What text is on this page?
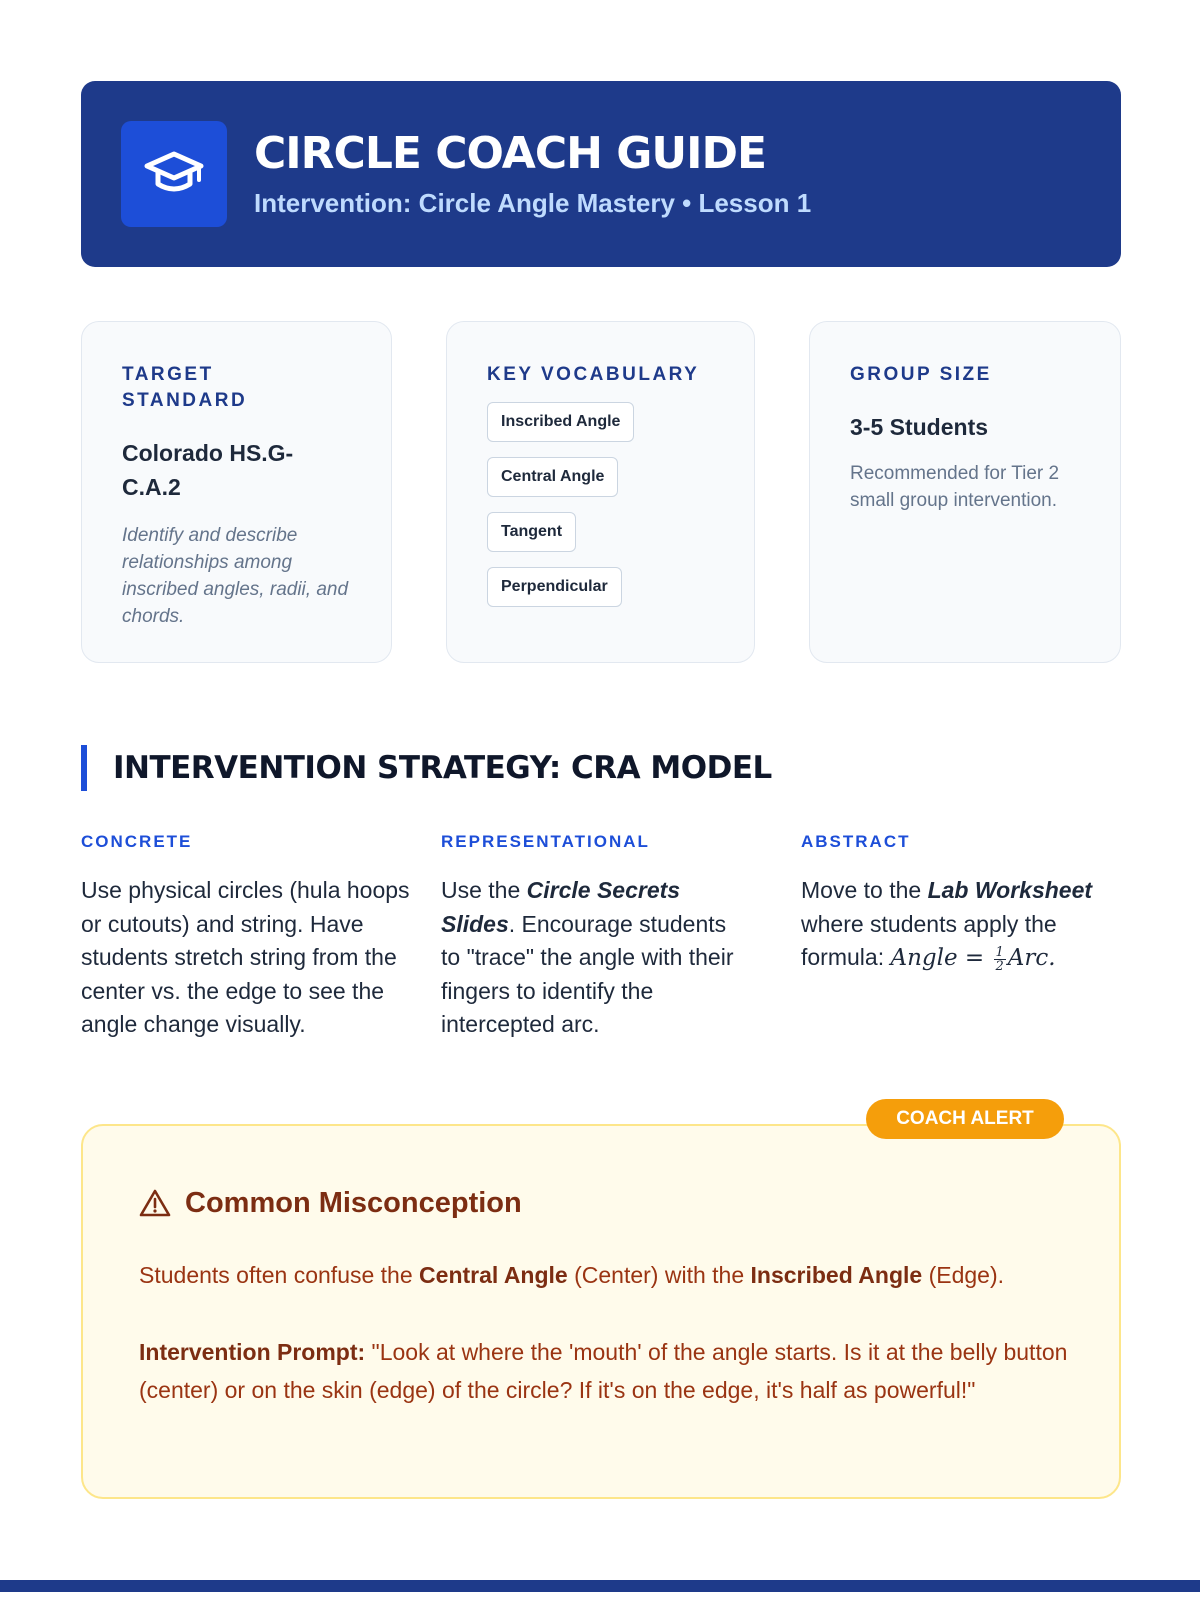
CIRCLE COACH GUIDE
Intervention: Circle Angle Mastery • Lesson 1
TARGET STANDARD
Colorado HS.G-C.A.2
Identify and describe relationships among inscribed angles, radii, and chords.
KEY VOCABULARY
Inscribed Angle
Central Angle
Tangent
Perpendicular
GROUP SIZE
3-5 Students
Recommended for Tier 2 small group intervention.
INTERVENTION STRATEGY: CRA MODEL
CONCRETE
Use physical circles (hula hoops or cutouts) and string. Have students stretch string from the center vs. the edge to see the angle change visually.
REPRESENTATIONAL
Use the Circle Secrets Slides. Encourage students to "trace" the angle with their fingers to identify the intercepted arc.
ABSTRACT
Move to the Lab Worksheet where students apply the formula: Angle = $\frac{1}{2}$ Arc.
Common Misconception
Students often confuse the Central Angle (Center) with the Inscribed Angle (Edge).
Intervention Prompt: "Look at where the 'mouth' of the angle starts. Is it at the belly button (center) or on the skin (edge) of the circle? If it's on the edge, it's half as powerful!"
COACH ALERT
